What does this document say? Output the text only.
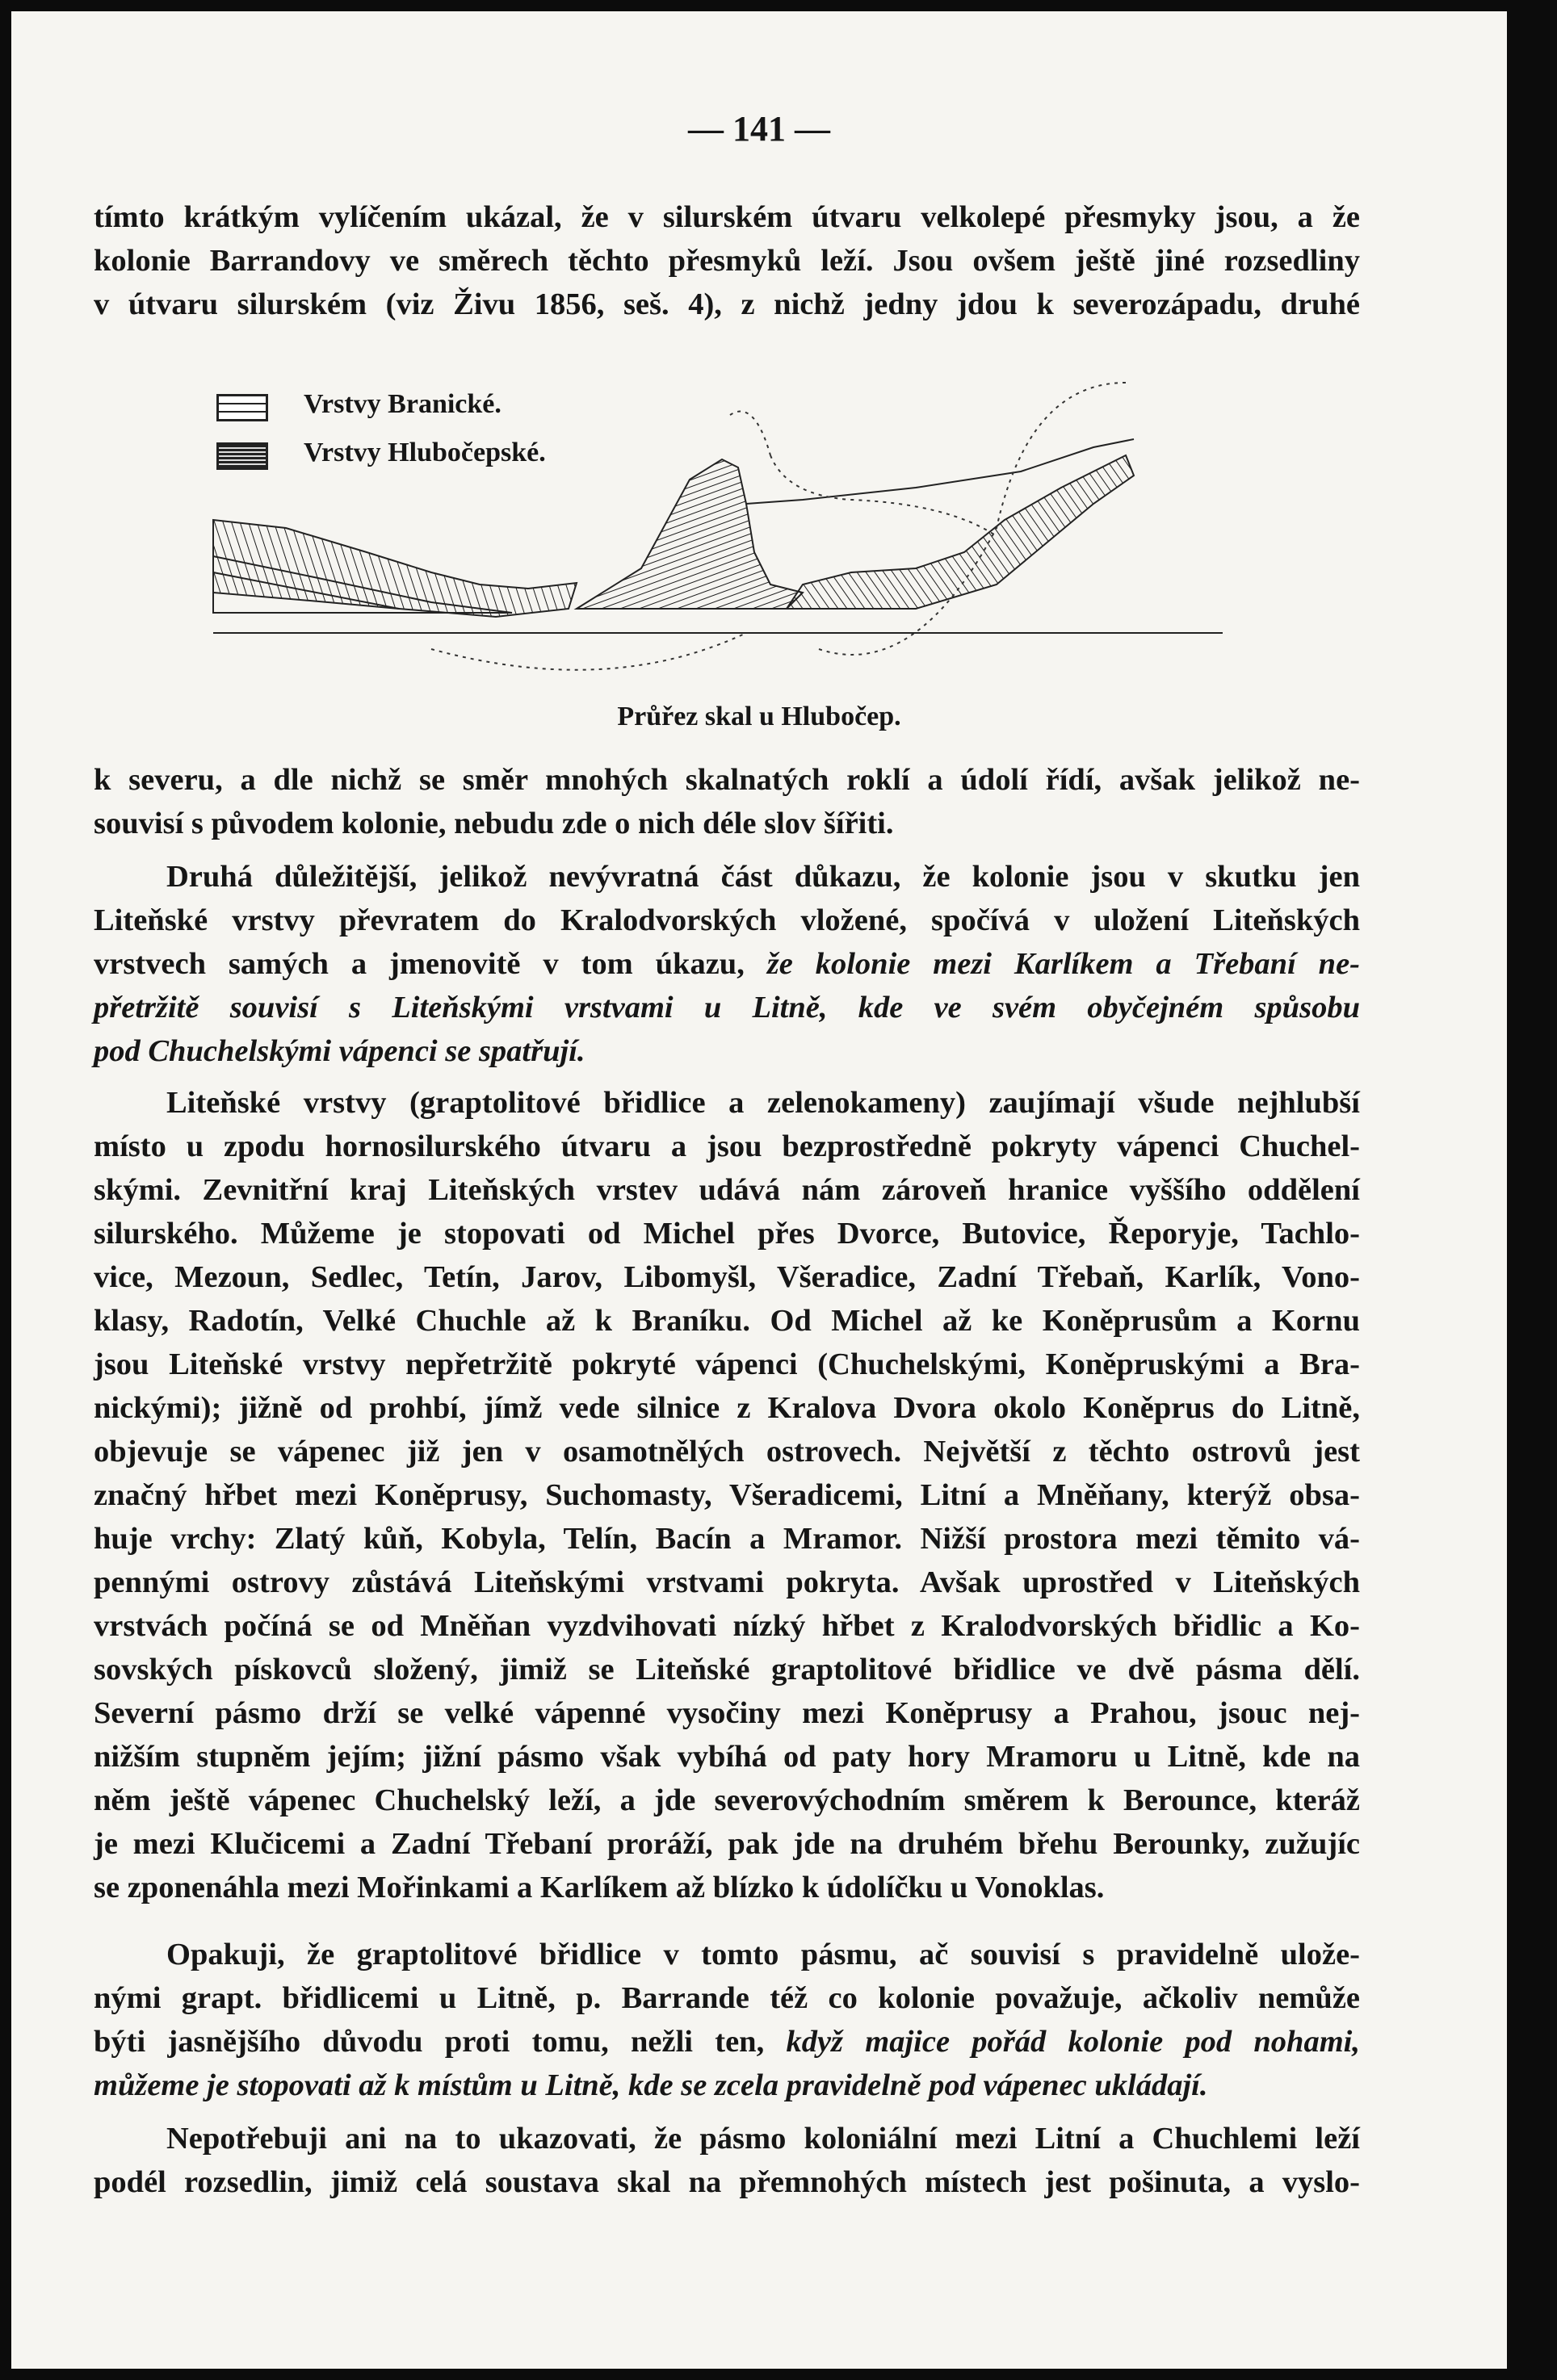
— 141 —
tímto krátkým vylíčením ukázal, že v silurském útvaru velkolepé přesmyky jsou, a že
kolonie Barrandovy ve směrech těchto přesmyků leží. Jsou ovšem ještě jiné rozsedliny
v útvaru silurském (viz Živu 1856, seš. 4), z nichž jedny jdou k severozápadu, druhé
Vrstvy Branické.
Vrstvy Hlubočepské.
Průřez skal u Hlubočep.
k severu, a dle nichž se směr mnohých skalnatých roklí a údolí řídí, avšak jelikož ne-
souvisí s původem kolonie, nebudu zde o nich déle slov šířiti.
Druhá důležitější, jelikož nevývratná část důkazu, že kolonie jsou v skutku jen
Liteňské vrstvy převratem do Kralodvorských vložené, spočívá v uložení Liteňských
vrstvech samých a jmenovitě v tom úkazu, že kolonie mezi Karlíkem a Třebaní ne-
přetržitě souvisí s Liteňskými vrstvami u Litně, kde ve svém obyčejném spůsobu
pod Chuchelskými vápenci se spatřují.
Liteňské vrstvy (graptolitové břidlice a zelenokameny) zaujímají všude nejhlubší
místo u zpodu hornosilurského útvaru a jsou bezprostředně pokryty vápenci Chuchel-
skými. Zevnitřní kraj Liteňských vrstev udává nám zároveň hranice vyššího oddělení
silurského. Můžeme je stopovati od Michel přes Dvorce, Butovice, Řeporyje, Tachlo-
vice, Mezoun, Sedlec, Tetín, Jarov, Libomyšl, Všeradice, Zadní Třebaň, Karlík, Vono-
klasy, Radotín, Velké Chuchle až k Braníku. Od Michel až ke Koněprusům a Kornu
jsou Liteňské vrstvy nepřetržitě pokryté vápenci (Chuchelskými, Koněpruskými a Bra-
nickými); jižně od prohbí, jímž vede silnice z Kralova Dvora okolo Koněprus do Litně,
objevuje se vápenec již jen v osamotnělých ostrovech. Největší z těchto ostrovů jest
značný hřbet mezi Koněprusy, Suchomasty, Všeradicemi, Litní a Mněňany, kterýž obsa-
huje vrchy: Zlatý kůň, Kobyla, Telín, Bacín a Mramor. Nižší prostora mezi těmito vá-
pennými ostrovy zůstává Liteňskými vrstvami pokryta. Avšak uprostřed v Liteňských
vrstvách počíná se od Mněňan vyzdvihovati nízký hřbet z Kralodvorských břidlic a Ko-
sovských pískovců složený, jimiž se Liteňské graptolitové břidlice ve dvě pásma dělí.
Severní pásmo drží se velké vápenné vysočiny mezi Koněprusy a Prahou, jsouc nej-
nižším stupněm jejím; jižní pásmo však vybíhá od paty hory Mramoru u Litně, kde na
něm ještě vápenec Chuchelský leží, a jde severovýchodním směrem k Berounce, kteráž
je mezi Klučicemi a Zadní Třebaní proráží, pak jde na druhém břehu Berounky, zužujíc
se zponenáhla mezi Mořinkami a Karlíkem až blízko k údolíčku u Vonoklas.
Opakuji, že graptolitové břidlice v tomto pásmu, ač souvisí s pravidelně ulože-
nými grapt. břidlicemi u Litně, p. Barrande též co kolonie považuje, ačkoliv nemůže
býti jasnějšího důvodu proti tomu, nežli ten, když majice pořád kolonie pod nohami,
můžeme je stopovati až k místům u Litně, kde se zcela pravidelně pod vápenec ukládají.
Nepotřebuji ani na to ukazovati, že pásmo koloniální mezi Litní a Chuchlemi leží
podél rozsedlin, jimiž celá soustava skal na přemnohých místech jest pošinuta, a vyslo-
